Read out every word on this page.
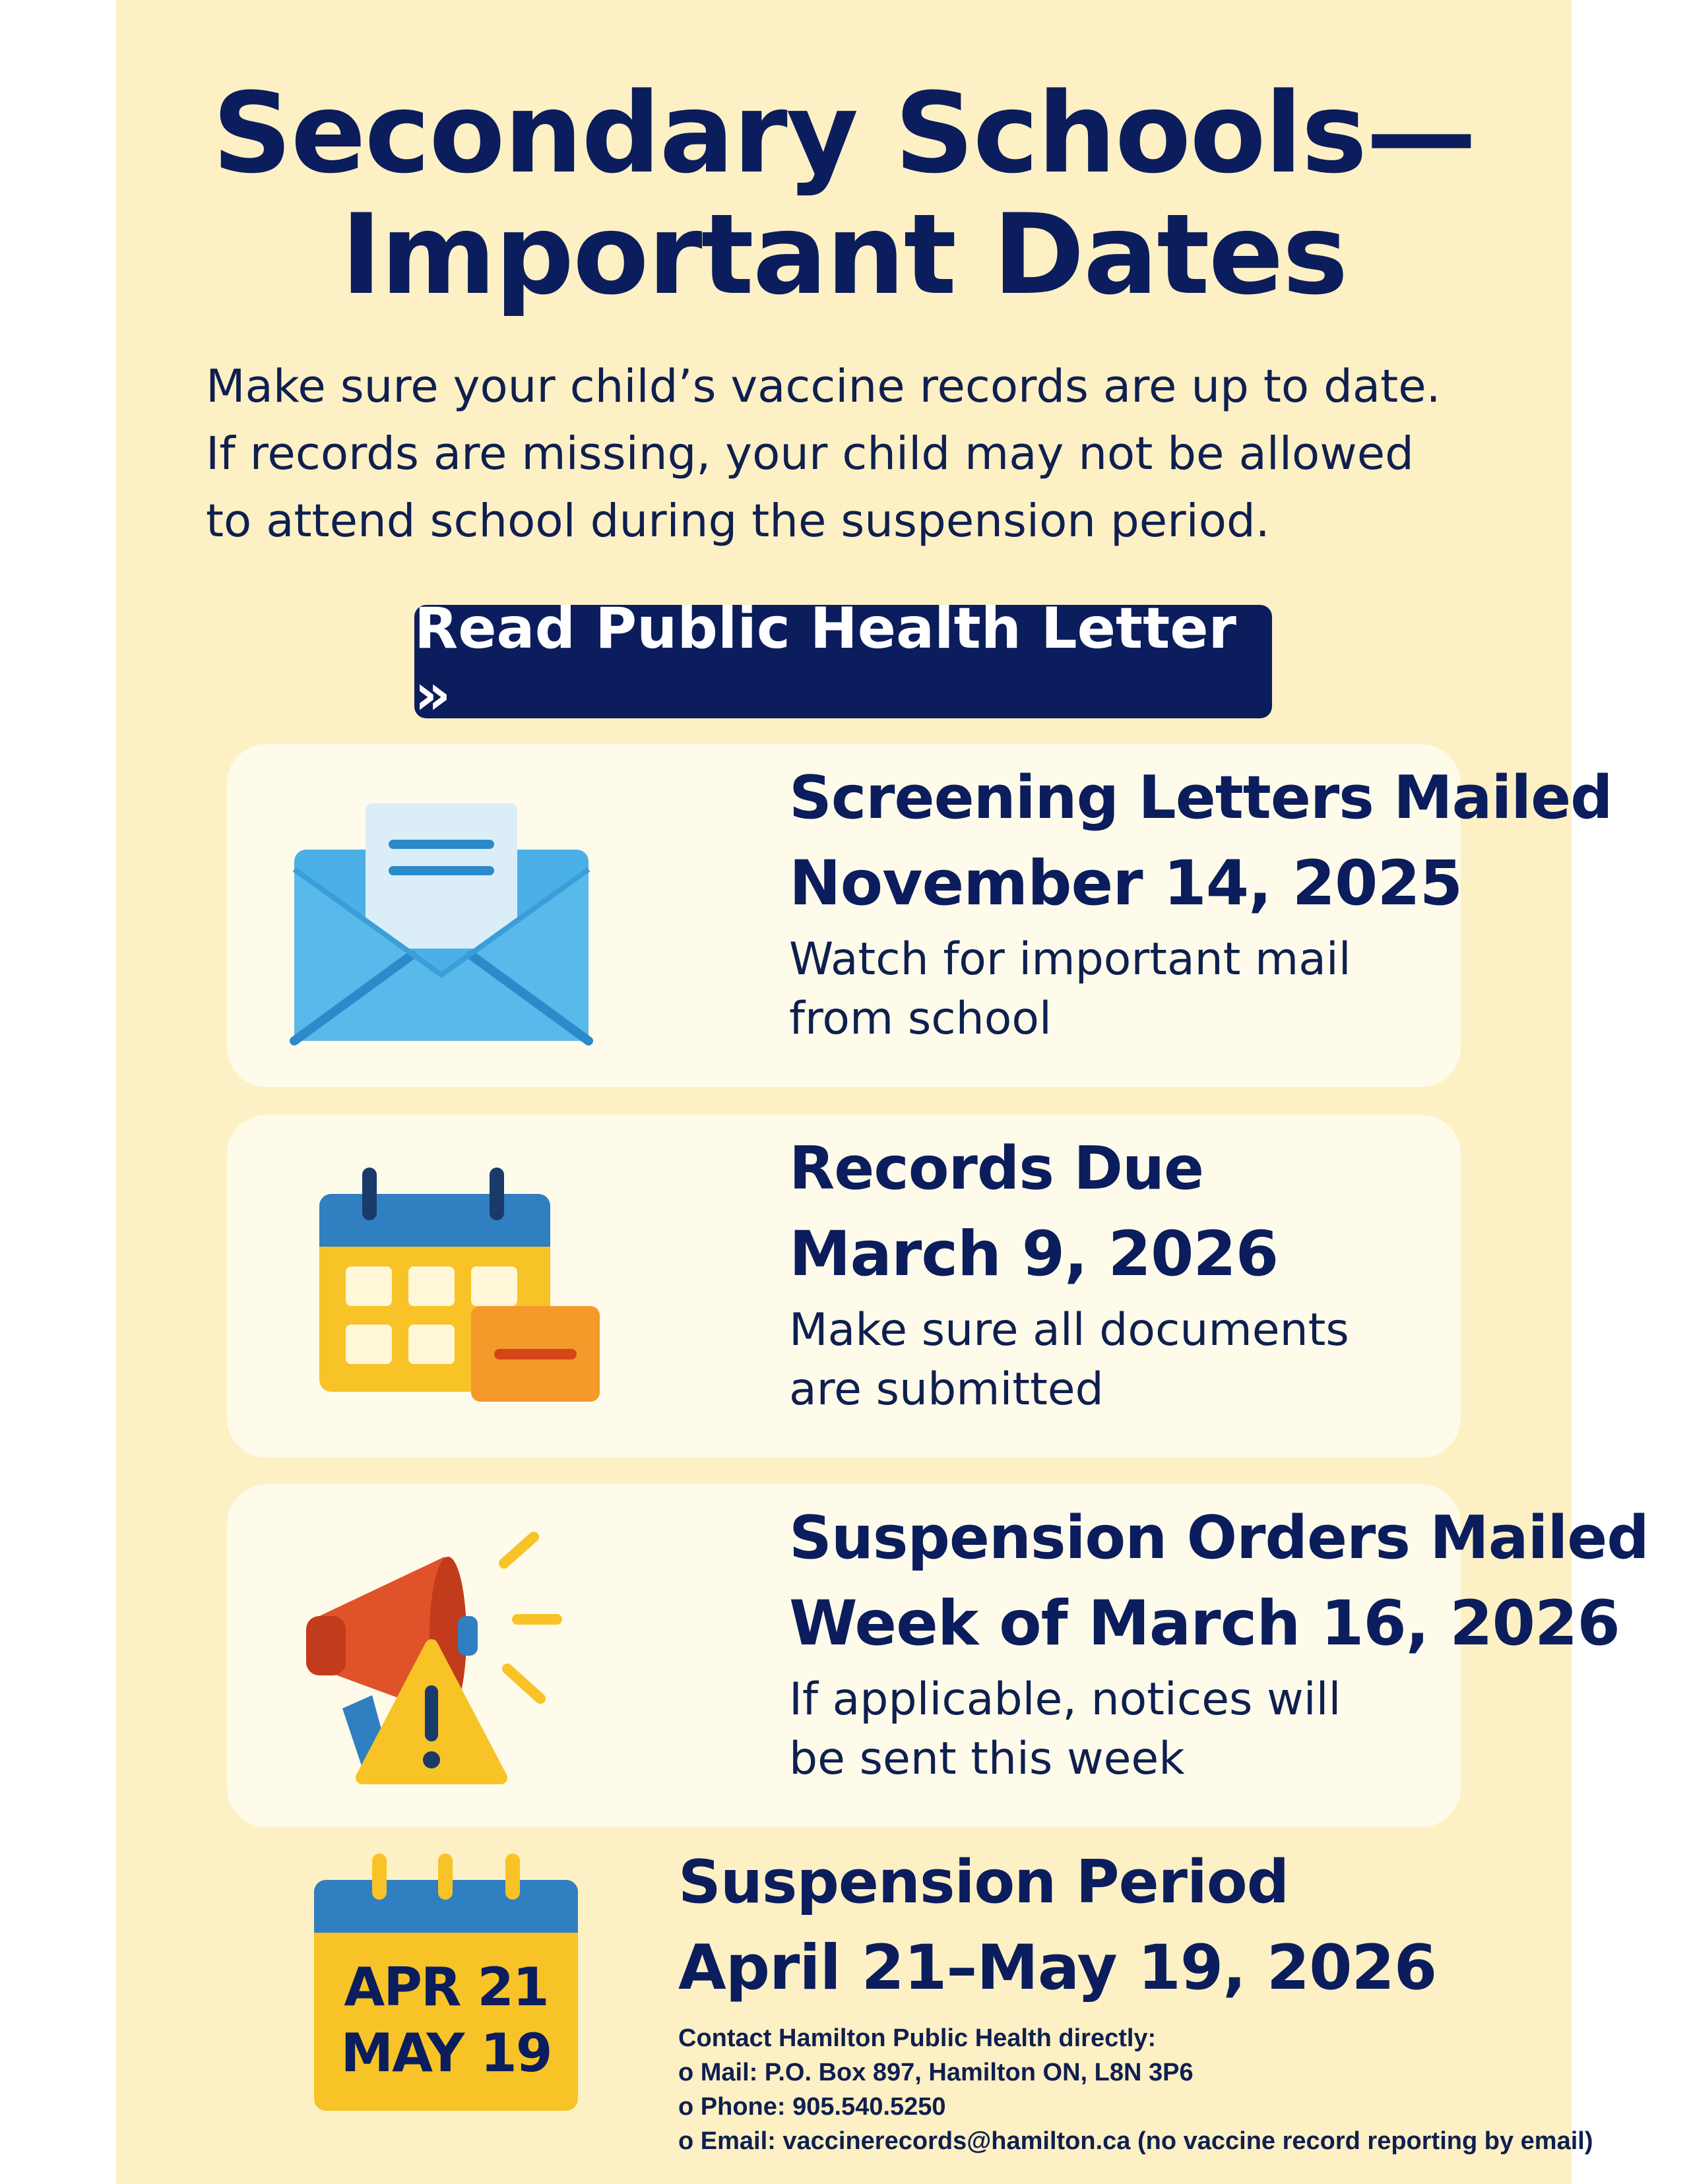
Secondary Schools—
Important Dates
Make sure your child’s vaccine records are up to date.
If records are missing, your child may not be allowed
to attend school during the suspension period.
Read Public Health Letter »
Screening Letters Mailed
November 14, 2025
Watch for important mail from school
Records Due
March 9, 2026
Make sure all documents are submitted
Suspension Orders Mailed
Week of March 16, 2026
If applicable, notices will be sent this week
APR 21
MAY 19
Suspension Period
April 21–May 19, 2026
Contact Hamilton Public Health directly:
o Mail: P.O. Box 897, Hamilton ON, L8N 3P6
o Phone: 905.540.5250
o Email: vaccinerecords@hamilton.ca (no vaccine record reporting by email)
